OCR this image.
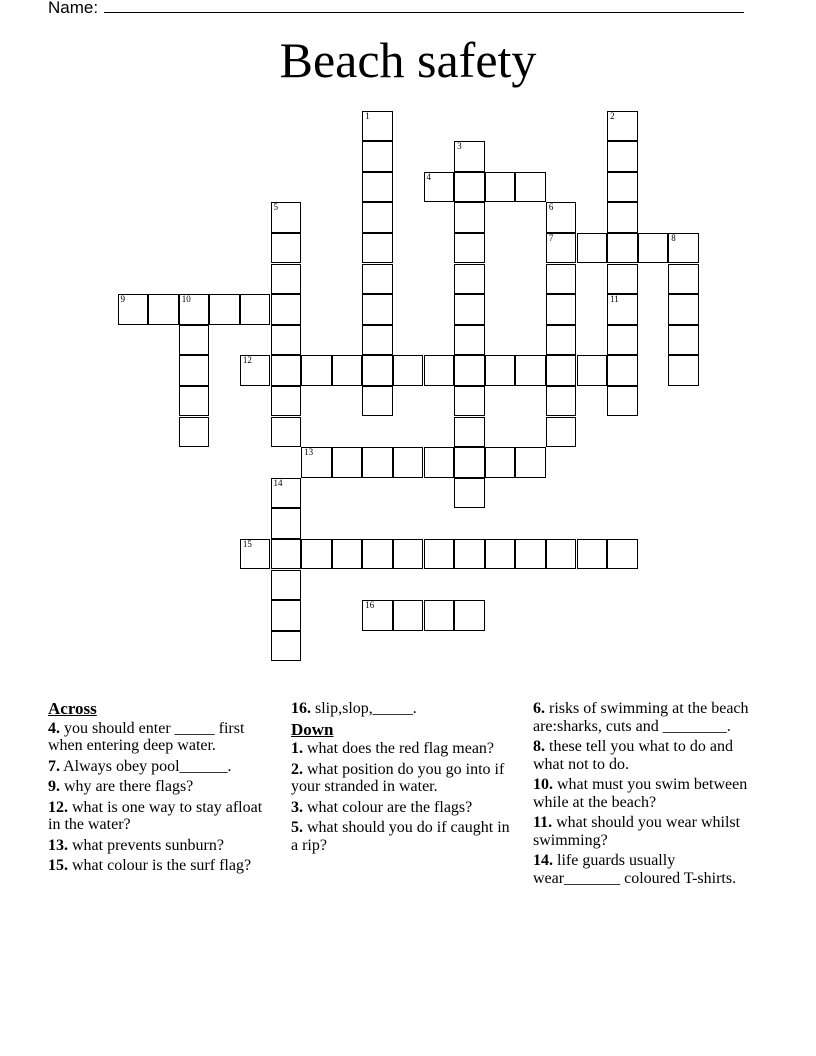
Name:
Beach safety
1	2
11
3
4
5	6
7	8
9	10
12
13
14
15
16
Across
4. you should enter _____ first when entering deep water.
7. Always obey pool______.
9. why are there flags?
12. what is one way to stay afloat in the water?
13. what prevents sunburn?
15. what colour is the surf flag?
16. slip,slop,_____.
Down
1. what does the red flag mean?
2. what position do you go into if your stranded in water.
3. what colour are the flags?
5. what should you do if caught in a rip?
6. risks of swimming at the beach are:sharks, cuts and ________.
8. these tell you what to do and what not to do.
10. what must you swim between while at the beach?
11. what should you wear whilst swimming?
14. life guards usually wear_______ coloured T-shirts.
